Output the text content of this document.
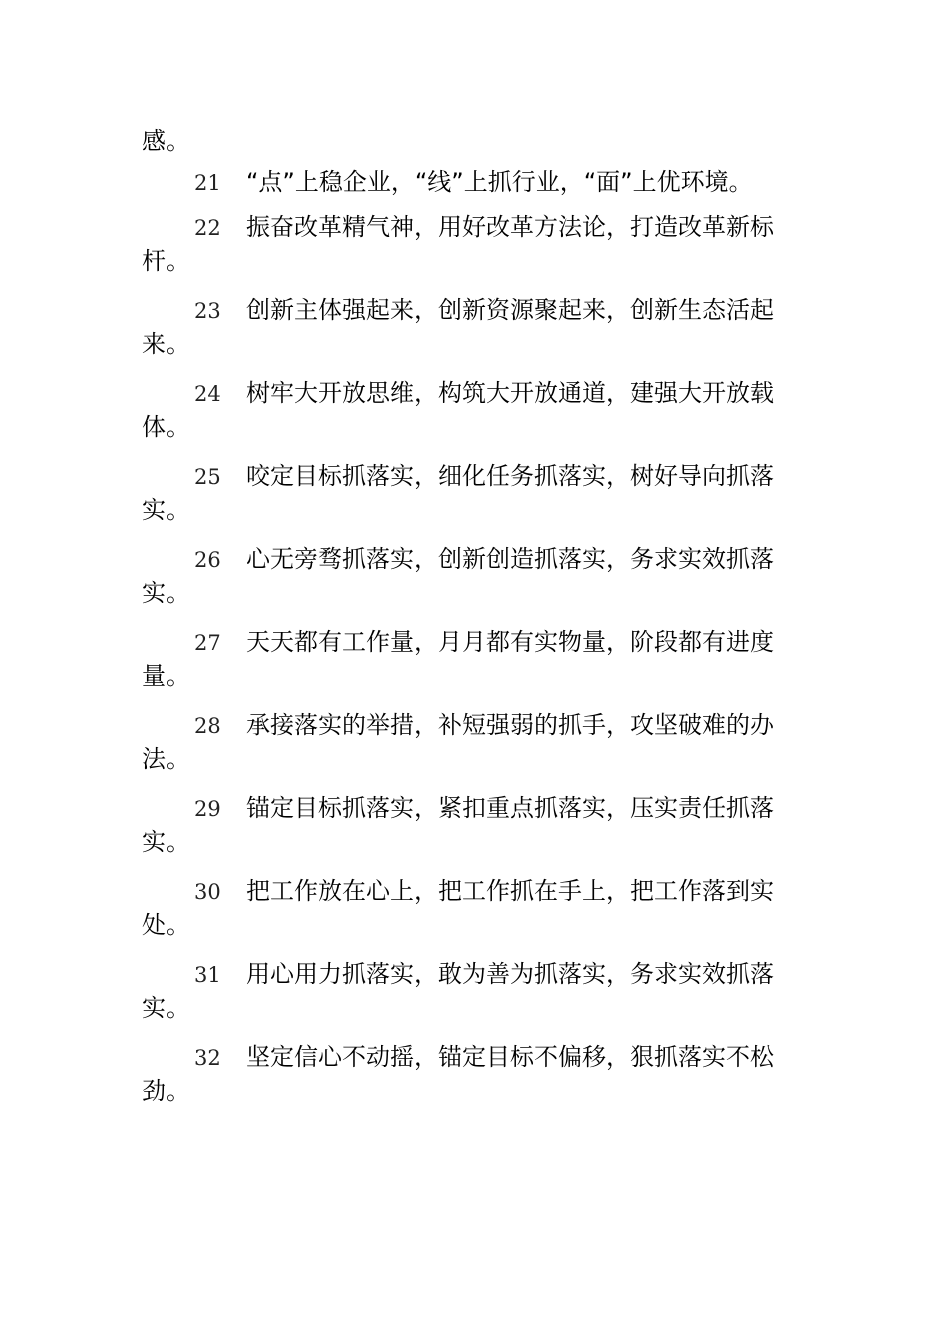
感。
21 “点”上稳企业，“线”上抓行业，“面”上优环境。
22 振奋改革精气神，用好改革方法论，打造改革新标
杆。
23 创新主体强起来，创新资源聚起来，创新生态活起
来。
24 树牢大开放思维，构筑大开放通道，建强大开放载
体。
25 咬定目标抓落实，细化任务抓落实，树好导向抓落
实。
26 心无旁骛抓落实，创新创造抓落实，务求实效抓落
实。
27 天天都有工作量，月月都有实物量，阶段都有进度
量。
28 承接落实的举措，补短强弱的抓手，攻坚破难的办
法。
29 锚定目标抓落实，紧扣重点抓落实，压实责任抓落
实。
30 把工作放在心上，把工作抓在手上，把工作落到实
处。
31 用心用力抓落实，敢为善为抓落实，务求实效抓落
实。
32 坚定信心不动摇，锚定目标不偏移，狠抓落实不松
劲。
